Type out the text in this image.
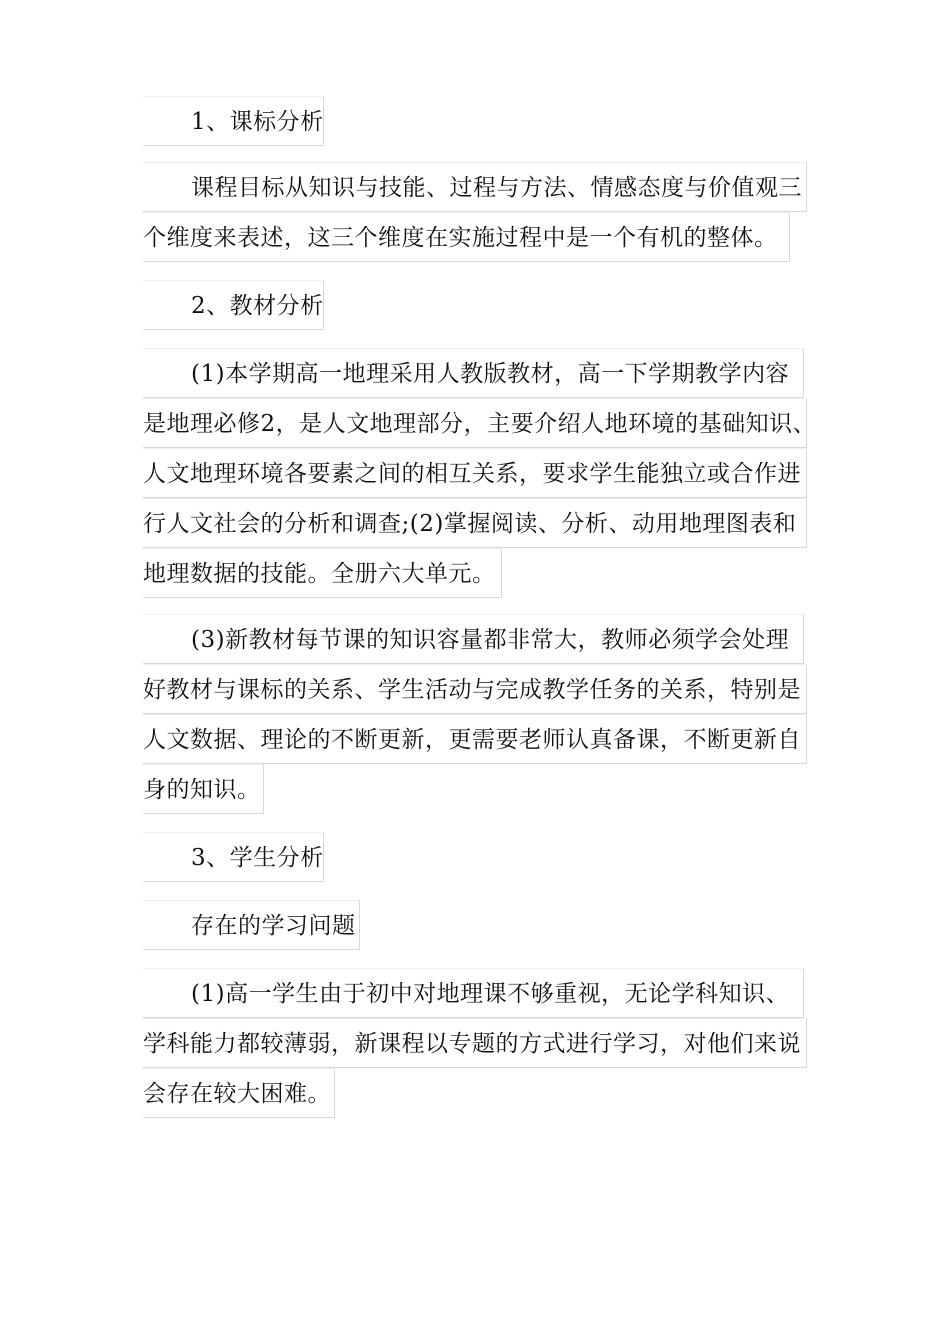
1、课标分析
课程目标从知识与技能、过程与方法、情感态度与价值观三
个维度来表述，这三个维度在实施过程中是一个有机的整体。
2、教材分析
(1)本学期高一地理采用人教版教材，高一下学期教学内容
是地理必修2，是人文地理部分，主要介绍人地环境的基础知识、
人文地理环境各要素之间的相互关系，要求学生能独立或合作进
行人文社会的分析和调查;(2)掌握阅读、分析、动用地理图表和
地理数据的技能。全册六大单元。
(3)新教材每节课的知识容量都非常大，教师必须学会处理
好教材与课标的关系、学生活动与完成教学任务的关系，特别是
人文数据、理论的不断更新，更需要老师认真备课，不断更新自
身的知识。
3、学生分析
存在的学习问题
(1)高一学生由于初中对地理课不够重视，无论学科知识、
学科能力都较薄弱，新课程以专题的方式进行学习，对他们来说
会存在较大困难。
